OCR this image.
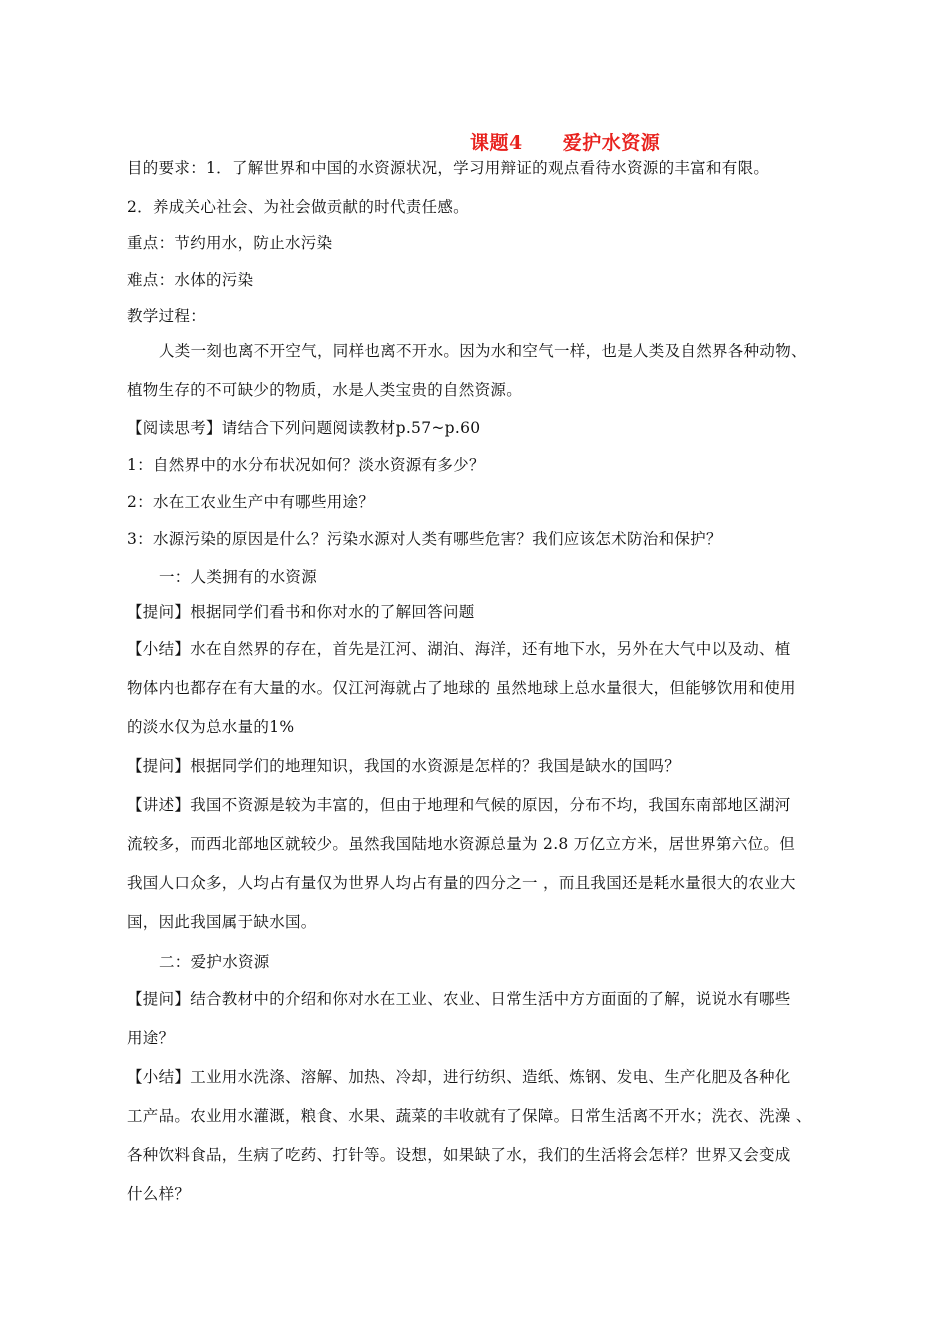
课题4 爱护水资源
目的要求：1．了解世界和中国的水资源状况，学习用辩证的观点看待水资源的丰富和有限。
2．养成关心社会、为社会做贡献的时代责任感。
重点：节约用水，防止水污染
难点：水体的污染
教学过程：
人类一刻也离不开空气，同样也离不开水。因为水和空气一样，也是人类及自然界各种动物、
植物生存的不可缺少的物质，水是人类宝贵的自然资源。
【阅读思考】请结合下列问题阅读教材p.57~p.60
1：自然界中的水分布状况如何？淡水资源有多少？
2：水在工农业生产中有哪些用途？
3：水源污染的原因是什么？污染水源对人类有哪些危害？我们应该怎术防治和保护？
一：人类拥有的水资源
【提问】根据同学们看书和你对水的了解回答问题
【小结】水在自然界的存在，首先是江河、湖泊、海洋，还有地下水，另外在大气中以及动、植
物体内也都存在有大量的水。仅江河海就占了地球的 虽然地球上总水量很大，但能够饮用和使用
的淡水仅为总水量的1%
【提问】根据同学们的地理知识，我国的水资源是怎样的？我国是缺水的国吗？
【讲述】我国不资源是较为丰富的，但由于地理和气候的原因，分布不均，我国东南部地区湖河
流较多，而西北部地区就较少。虽然我国陆地水资源总量为 2.8 万亿立方米，居世界第六位。但
我国人口众多，人均占有量仅为世界人均占有量的四分之一 ，而且我国还是耗水量很大的农业大
国，因此我国属于缺水国。
二：爱护水资源
【提问】结合教材中的介绍和你对水在工业、农业、日常生活中方方面面的了解，说说水有哪些
用途？
【小结】工业用水洗涤、溶解、加热、冷却，进行纺织、造纸、炼钢、发电、生产化肥及各种化
工产品。农业用水灌溉，粮食、水果、蔬菜的丰收就有了保障。日常生活离不开水；洗衣、洗澡 、
各种饮料食品，生病了吃药、打针等。设想，如果缺了水，我们的生活将会怎样？世界又会变成
什么样？
